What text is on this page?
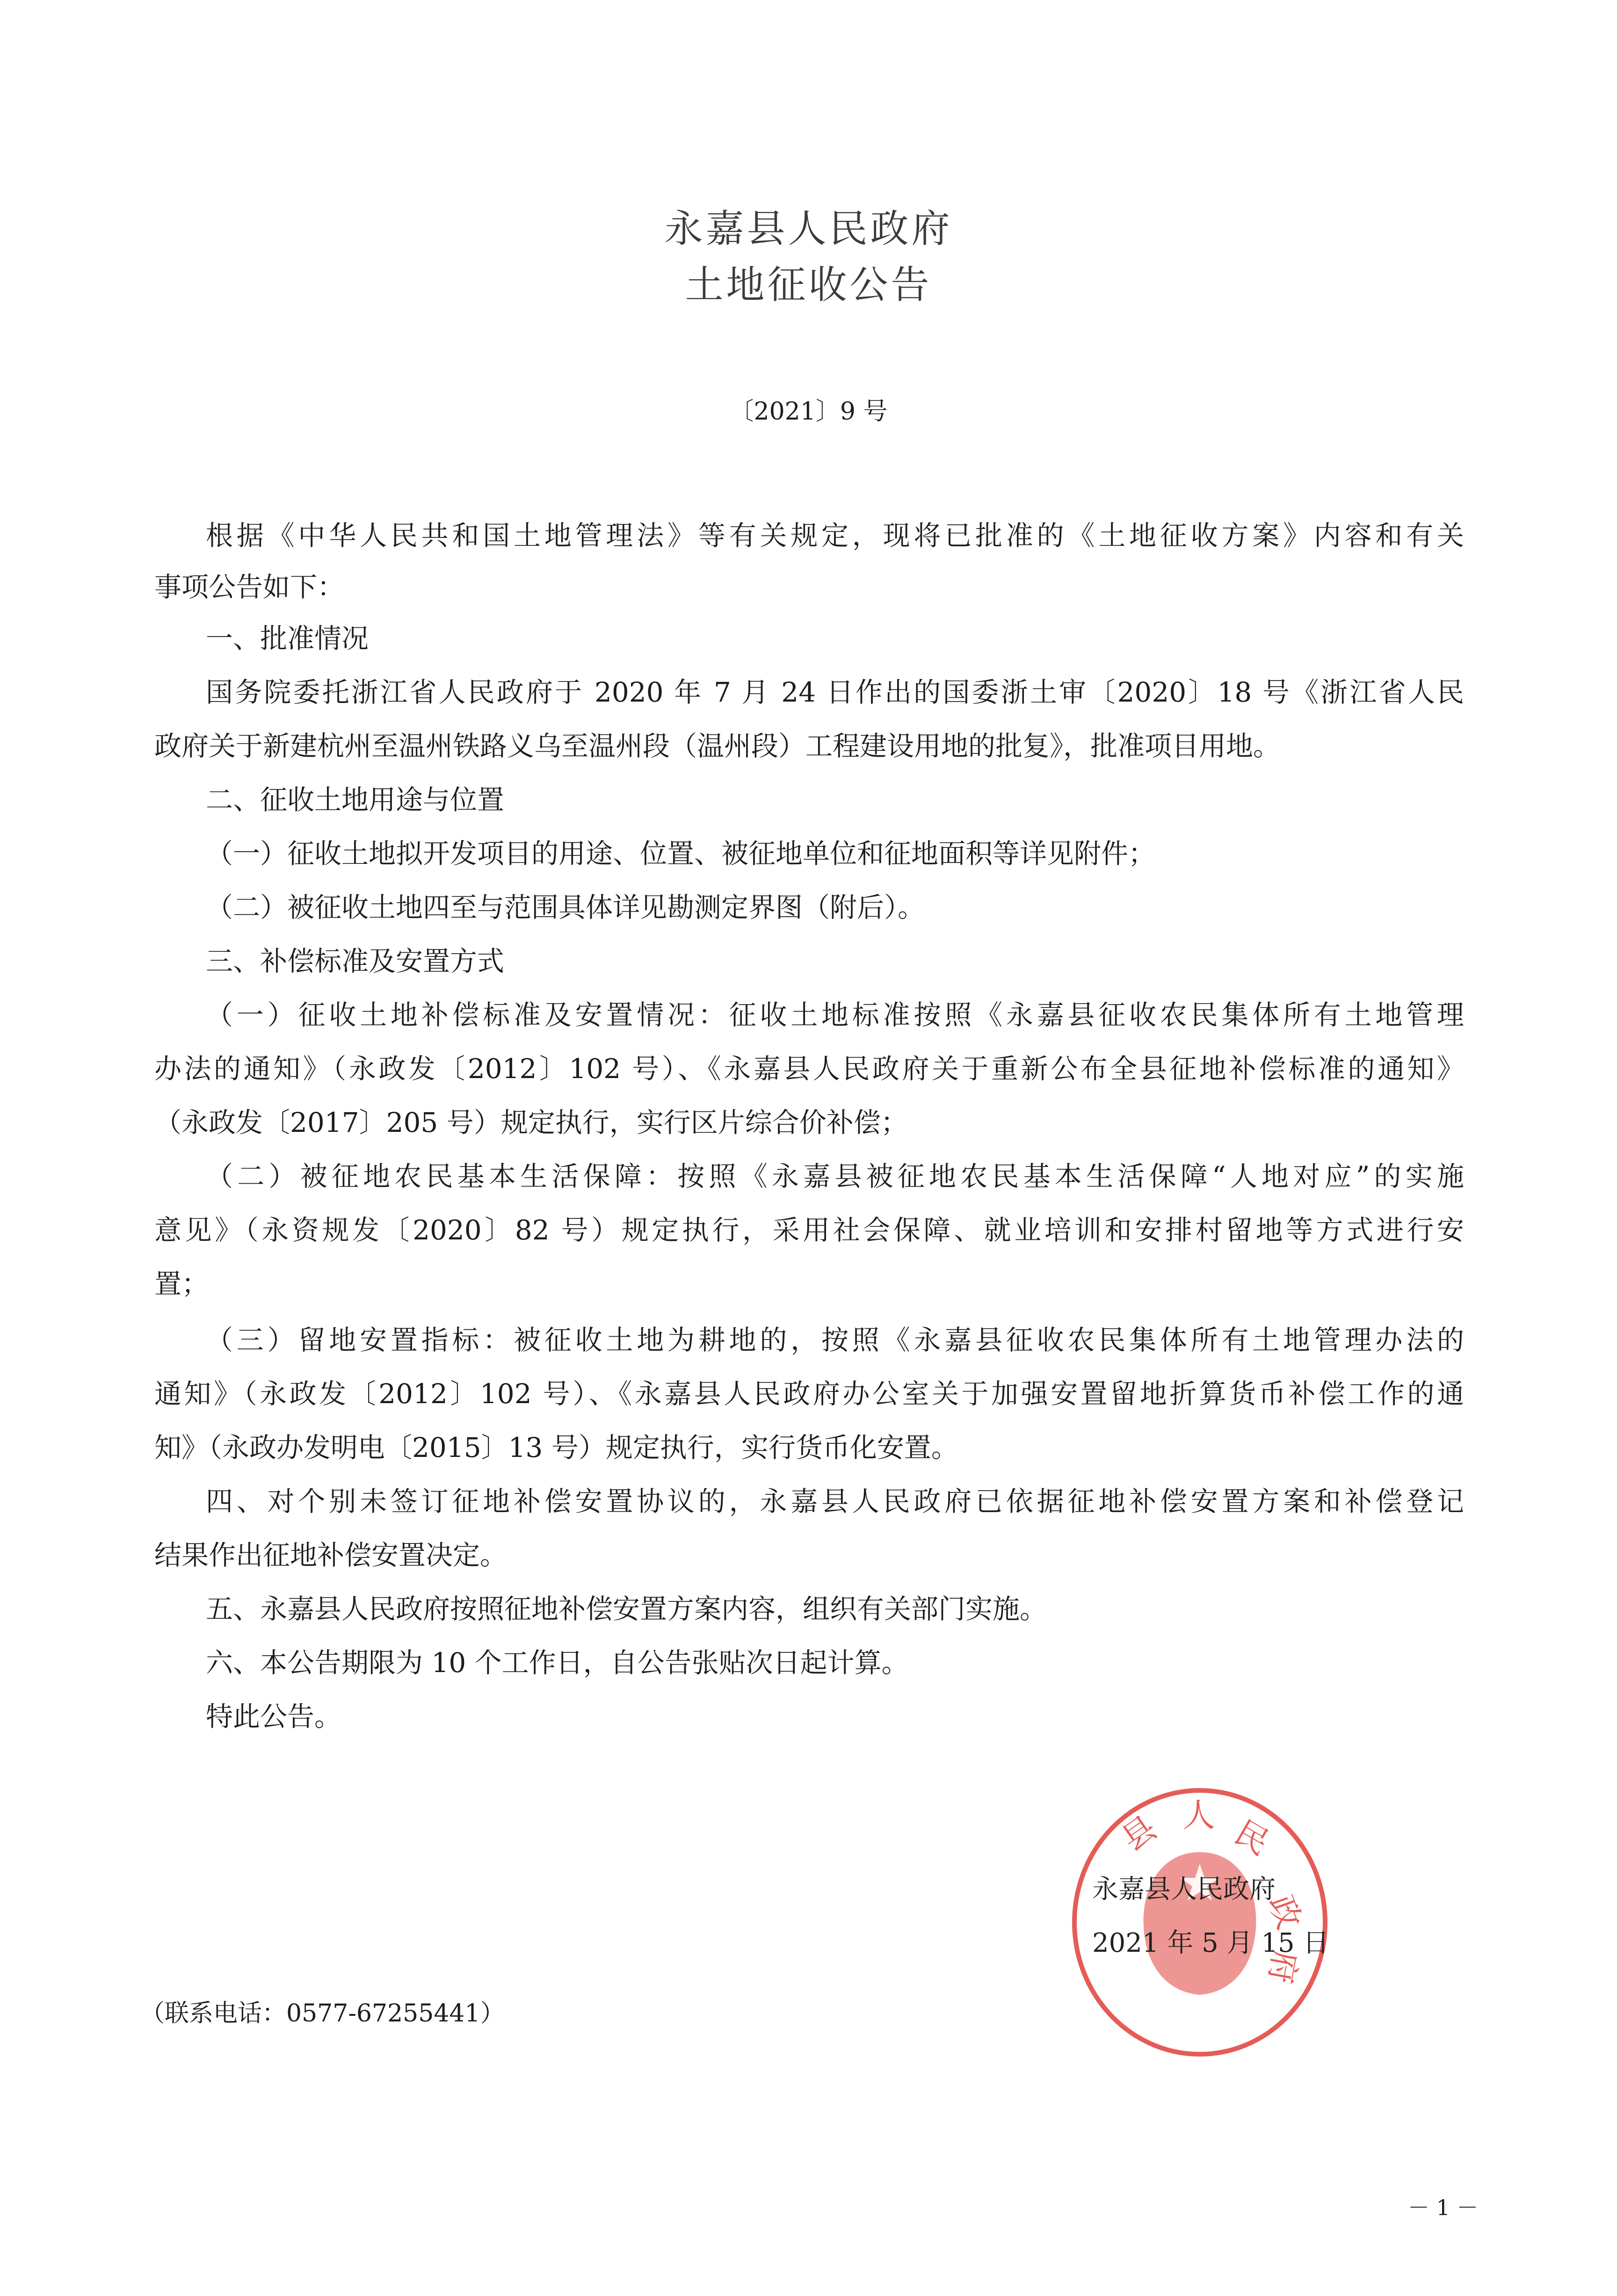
永嘉县人民政府
土地征收公告
〔2021〕9 号
根据《中华人民共和国土地管理法》等有关规定，现将已批准的《土地征收方案》内容和有关
事项公告如下：
一、批准情况
国务院委托浙江省人民政府于 2020 年 7 月 24 日作出的国委浙土审〔2020〕18 号《浙江省人民
政府关于新建杭州至温州铁路义乌至温州段（温州段）工程建设用地的批复》，批准项目用地。
二、征收土地用途与位置
（一）征收土地拟开发项目的用途、位置、被征地单位和征地面积等详见附件；
（二）被征收土地四至与范围具体详见勘测定界图（附后）。
三、补偿标准及安置方式
（一）征收土地补偿标准及安置情况：征收土地标准按照《永嘉县征收农民集体所有土地管理
办法的通知》（永政发〔2012〕102 号）、《永嘉县人民政府关于重新公布全县征地补偿标准的通知》
（永政发〔2017〕205 号）规定执行，实行区片综合价补偿；
（二）被征地农民基本生活保障：按照《永嘉县被征地农民基本生活保障“人地对应”的实施
意见》（永资规发〔2020〕82 号）规定执行，采用社会保障、就业培训和安排村留地等方式进行安
置；
（三）留地安置指标：被征收土地为耕地的，按照《永嘉县征收农民集体所有土地管理办法的
通知》（永政发〔2012〕102 号）、《永嘉县人民政府办公室关于加强安置留地折算货币补偿工作的通
知》（永政办发明电〔2015〕13 号）规定执行，实行货币化安置。
四、对个别未签订征地补偿安置协议的，永嘉县人民政府已依据征地补偿安置方案和补偿登记
结果作出征地补偿安置决定。
五、永嘉县人民政府按照征地补偿安置方案内容，组织有关部门实施。
六、本公告期限为 10 个工作日，自公告张贴次日起计算。
特此公告。
县 人 民
政
府
永嘉县人民政府
2021 年 5 月 15 日
（联系电话：0577-67255441）
－ 1 －
